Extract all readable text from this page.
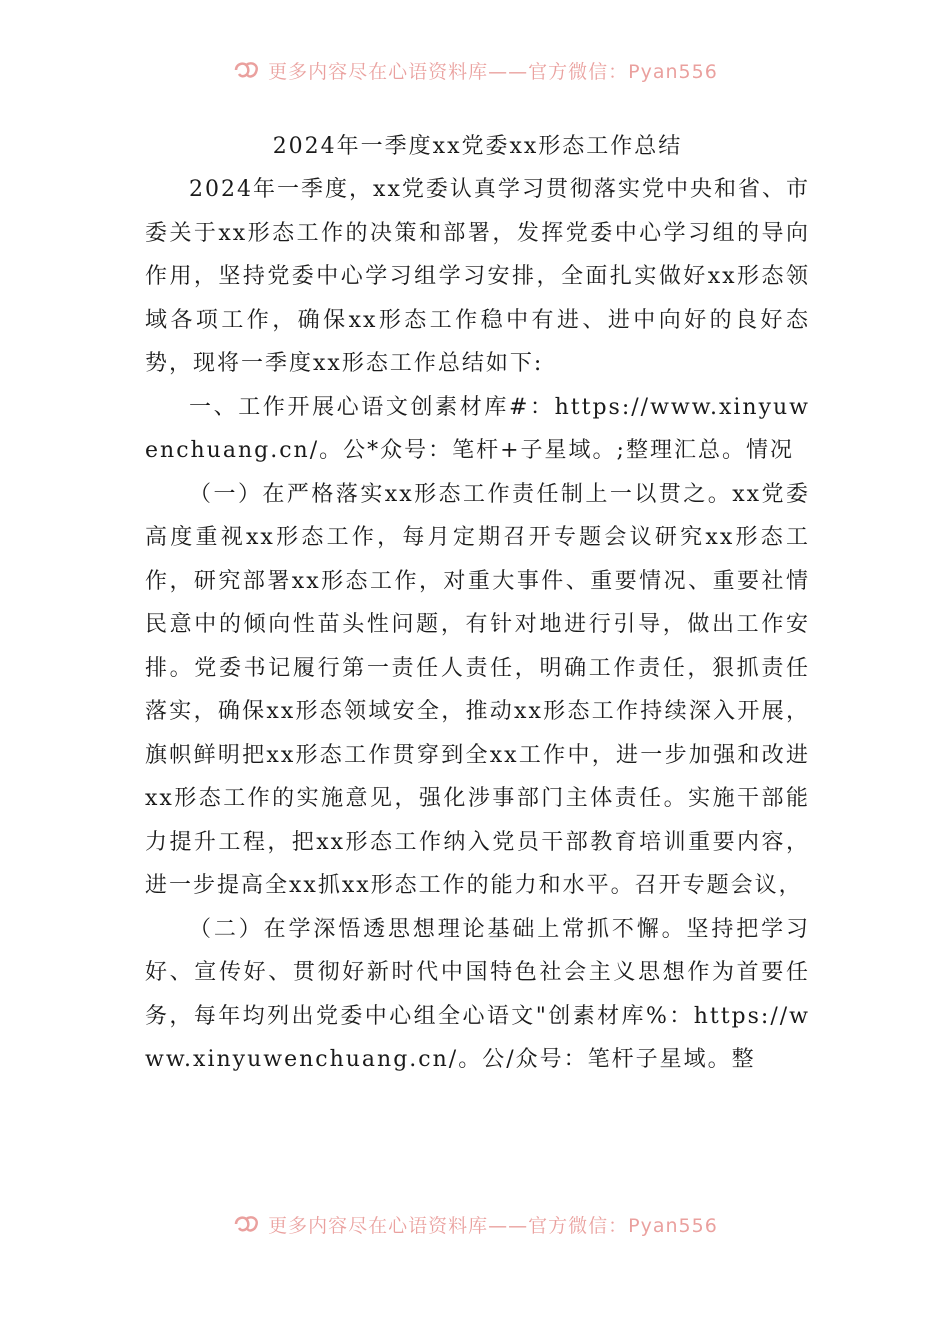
更多内容尽在心语资料库——官方微信：Pyan556
2024年一季度xx党委xx形态工作总结

2024年一季度，xx党委认真学习贯彻落实党中央和省、市委关于xx形态工作的决策和部署，发挥党委中心学习组的导向作用，坚持党委中心学习组学习安排，全面扎实做好xx形态领域各项工作，确保xx形态工作稳中有进、进中向好的良好态势，现将一季度xx形态工作总结如下:

一、工作开展心语文创素材库#：https://www.xinyuwenchuang.cn/。公*众号：笔杆+子星域。;整理汇总。情况

（一）在严格落实xx形态工作责任制上一以贯之。xx党委高度重视xx形态工作，每月定期召开专题会议研究xx形态工作，研究部署xx形态工作，对重大事件、重要情况、重要社情民意中的倾向性苗头性问题，有针对地进行引导，做出工作安排。党委书记履行第一责任人责任，明确工作责任，狠抓责任落实，确保xx形态领域安全，推动xx形态工作持续深入开展，旗帜鲜明把xx形态工作贯穿到全xx工作中，进一步加强和改进xx形态工作的实施意见，强化涉事部门主体责任。实施干部能力提升工程，把xx形态工作纳入党员干部教育培训重要内容，进一步提高全xx抓xx形态工作的能力和水平。召开专题会议，

（二）在学深悟透思想理论基础上常抓不懈。坚持把学习好、宣传好、贯彻好新时代中国特色社会主义思想作为首要任务，每年均列出党委中心组全心语文"创素材库%：https://www.xinyuwenchuang.cn/。公/众号：笔杆子星域。整

更多内容尽在心语资料库——官方微信：Pyan556
